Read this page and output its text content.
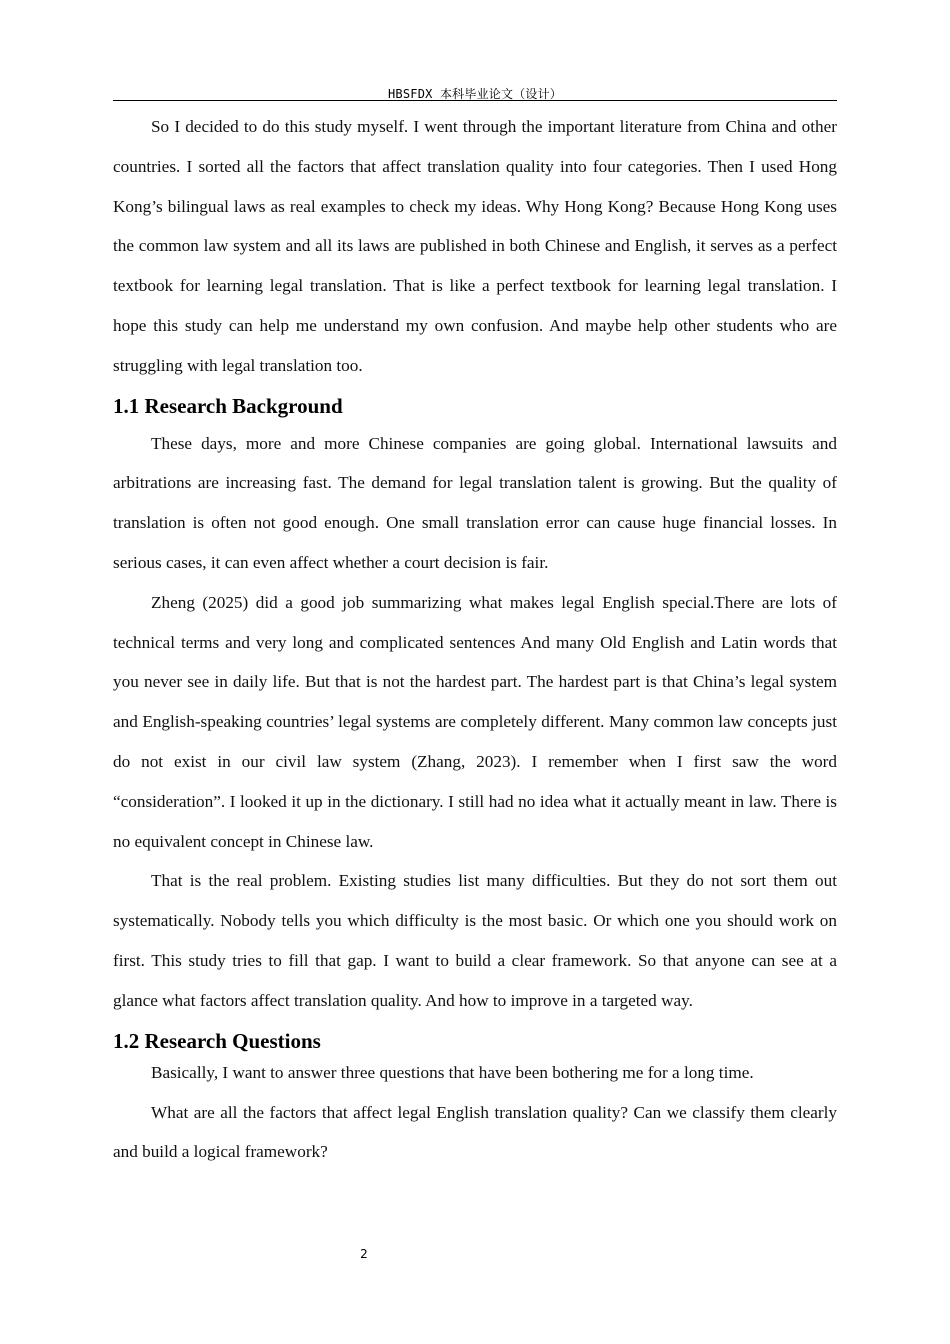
HBSFDX 本科毕业论文（设计）

So I decided to do this study myself. I went through the important literature from China and other countries. I sorted all the factors that affect translation quality into four categories. Then I used Hong Kong’s bilingual laws as real examples to check my ideas. Why Hong Kong? Because Hong Kong uses the common law system and all its laws are published in both Chinese and English, it serves as a perfect textbook for learning legal translation. That is like a perfect textbook for learning legal translation. I hope this study can help me understand my own confusion. And maybe help other students who are struggling with legal translation too.

1.1 Research Background

These days, more and more Chinese companies are going global. International lawsuits and arbitrations are increasing fast. The demand for legal translation talent is growing. But the quality of translation is often not good enough. One small translation error can cause huge financial losses. In serious cases, it can even affect whether a court decision is fair.

Zheng (2025) did a good job summarizing what makes legal English special.There are lots of technical terms and very long and complicated sentences And many Old English and Latin words that you never see in daily life. But that is not the hardest part. The hardest part is that China’s legal system and English-speaking countries’ legal systems are completely different. Many common law concepts just do not exist in our civil law system (Zhang, 2023). I remember when I first saw the word “consideration”. I looked it up in the dictionary. I still had no idea what it actually meant in law. There is no equivalent concept in Chinese law.

That is the real problem. Existing studies list many difficulties. But they do not sort them out systematically. Nobody tells you which difficulty is the most basic. Or which one you should work on first. This study tries to fill that gap. I want to build a clear framework. So that anyone can see at a glance what factors affect translation quality. And how to improve in a targeted way.

1.2 Research Questions

Basically, I want to answer three questions that have been bothering me for a long time.

What are all the factors that affect legal English translation quality? Can we classify them clearly and build a logical framework?

2
